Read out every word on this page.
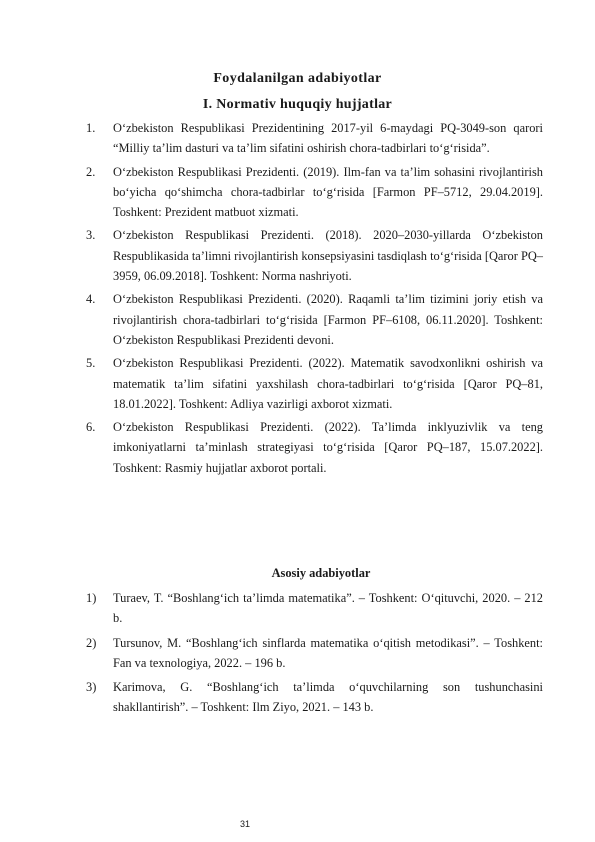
Foydalanilgan adabiyotlar
I. Normativ huquqiy hujjatlar
1. O‘zbekiston Respublikasi Prezidentining 2017-yil 6-maydagi PQ-3049-son qarori “Milliy ta’lim dasturi va ta’lim sifatini oshirish chora-tadbirlari to‘g‘risida”.
2. O‘zbekiston Respublikasi Prezidenti. (2019). Ilm-fan va ta’lim sohasini rivojlantirish bo‘yicha qo‘shimcha chora-tadbirlar to‘g‘risida [Farmon PF–5712, 29.04.2019]. Toshkent: Prezident matbuot xizmati.
3. O‘zbekiston Respublikasi Prezidenti. (2018). 2020–2030-yillarda O‘zbekiston Respublikasida ta’limni rivojlantirish konsepsiyasini tasdiqlash to‘g‘risida [Qaror PQ–3959, 06.09.2018]. Toshkent: Norma nashriyoti.
4. O‘zbekiston Respublikasi Prezidenti. (2020). Raqamli ta’lim tizimini joriy etish va rivojlantirish chora-tadbirlari to‘g‘risida [Farmon PF–6108, 06.11.2020]. Toshkent: O‘zbekiston Respublikasi Prezidenti devoni.
5. O‘zbekiston Respublikasi Prezidenti. (2022). Matematik savodxonlikni oshirish va matematik ta’lim sifatini yaxshilash chora-tadbirlari to‘g‘risida [Qaror PQ–81, 18.01.2022]. Toshkent: Adliya vazirligi axborot xizmati.
6. O‘zbekiston Respublikasi Prezidenti. (2022). Ta’limda inklyuzivlik va teng imkoniyatlarni ta’minlash strategiyasi to‘g‘risida [Qaror PQ–187, 15.07.2022]. Toshkent: Rasmiy hujjatlar axborot portali.
Asosiy adabiyotlar
1) Turaev, T. “Boshlang‘ich ta’limda matematika”. – Toshkent: O‘qituvchi, 2020. – 212 b.
2) Tursunov, M. “Boshlang‘ich sinflarda matematika o‘qitish metodikasi”. – Toshkent: Fan va texnologiya, 2022. – 196 b.
3) Karimova, G. “Boshlang‘ich ta’limda o‘quvchilarning son tushunchasini shakllantirish”. – Toshkent: Ilm Ziyo, 2021. – 143 b.
31
